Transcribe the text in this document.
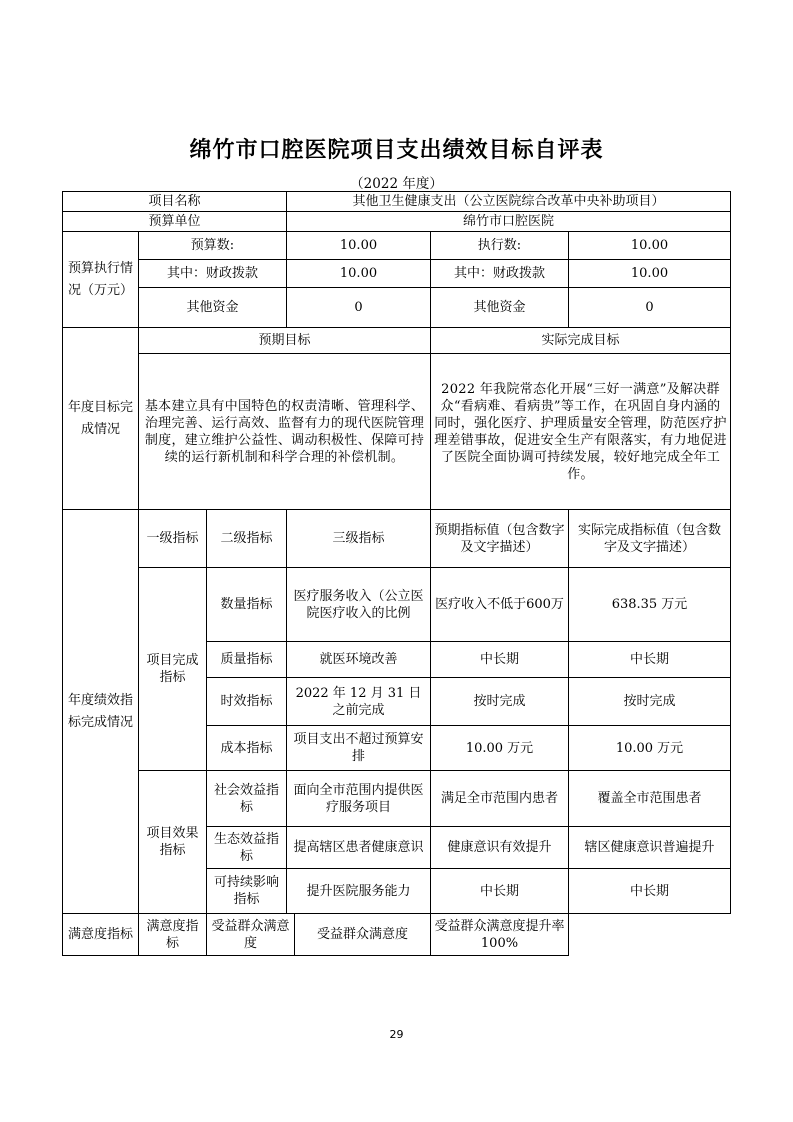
绵竹市口腔医院项目支出绩效目标自评表
（2022 年度）
项目名称			其他卫生健康支出（公立医院综合改革中央补助项目）			
预算单位			绵竹市口腔医院			
预算执行情况（万元）	预算数:		10.00		执行数:	10.00
	其中：财政拨款		10.00		其中：财政拨款	10.00
	其他资金		0		其他资金	0
年度目标完成情况	预期目标				实际完成目标	
	基本建立具有中国特色的权责清晰、管理科学、治理完善、运行高效、监督有力的现代医院管理制度，建立维护公益性、调动积极性、保障可持续的运行新机制和科学合理的补偿机制。				2022 年我院常态化开展“三好一满意”及解决群众“看病难、看病贵”等工作，在巩固自身内涵的同时，强化医疗、护理质量安全管理，防范医疗护理差错事故，促进安全生产有限落实，有力地促进了医院全面协调可持续发展，较好地完成全年工作。	
年度绩效指标完成情况	一级指标	二级指标	三级指标		预期指标值（包含数字及文字描述）	实际完成指标值（包含数字及文字描述）
	项目完成指标	数量指标	医疗服务收入（公立医院医疗收入的比例		医疗收入不低于600万	638.35 万元
		质量指标	就医环境改善		中长期	中长期
		时效指标	2022 年 12 月 31 日之前完成		按时完成	按时完成
		成本指标	项目支出不超过预算安排		10.00 万元	10.00 万元
	项目效果指标	社会效益指标	面向全市范围内提供医疗服务项目		满足全市范围内患者	覆盖全市范围患者
		生态效益指标	提高辖区患者健康意识		健康意识有效提升	辖区健康意识普遍提升
		可持续影响指标	提升医院服务能力		中长期	中长期
满意度指标	满意度指标	受益群众满意度		受益群众满意度	受益群众满意度提升率 100%	
29
